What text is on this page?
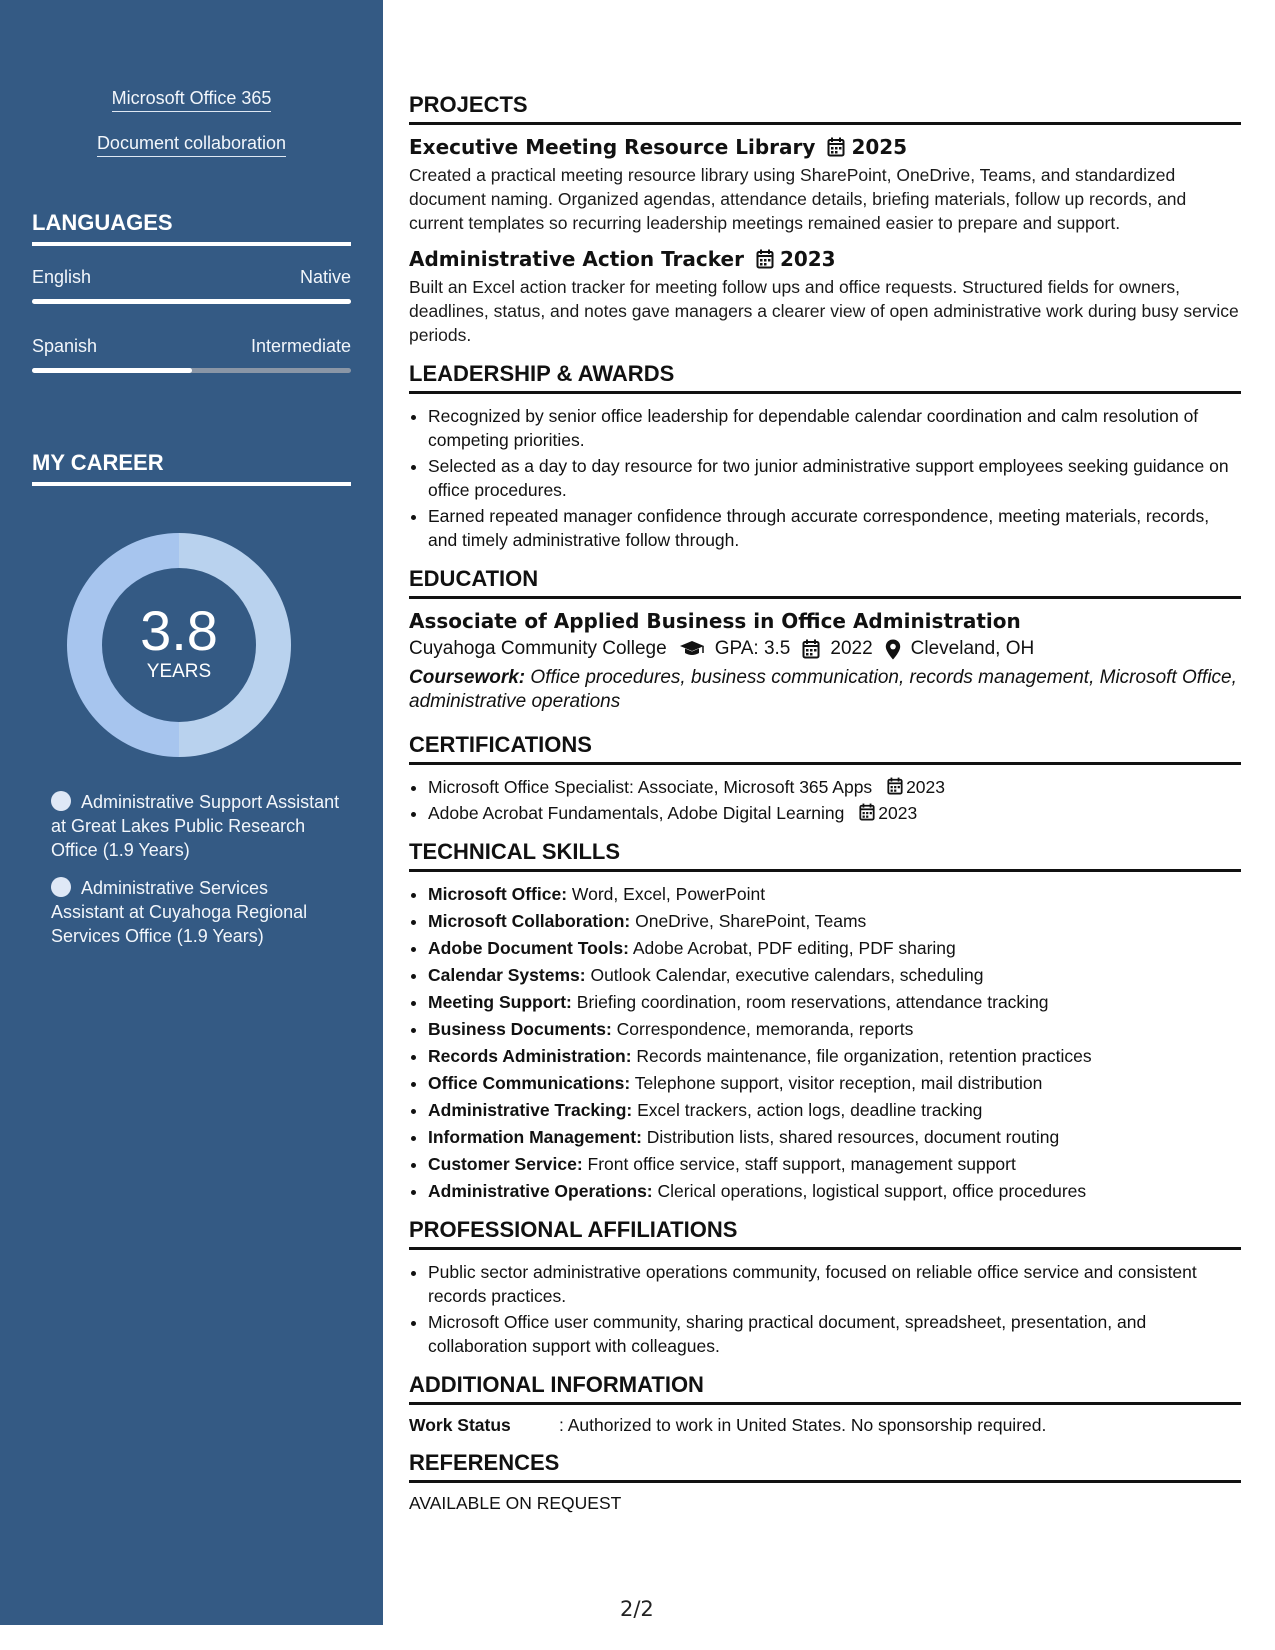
Microsoft Office 365
Document collaboration
LANGUAGES
English	Native
Spanish	Intermediate
MY CAREER
3.8
YEARS
Administrative Support Assistant at Great Lakes Public Research Office (1.9 Years)
Administrative Services Assistant at Cuyahoga Regional Services Office (1.9 Years)
PROJECTS
Executive Meeting Resource Library 2025
Created a practical meeting resource library using SharePoint, OneDrive, Teams, and standardized document naming. Organized agendas, attendance details, briefing materials, follow up records, and current templates so recurring leadership meetings remained easier to prepare and support.
Administrative Action Tracker 2023
Built an Excel action tracker for meeting follow ups and office requests. Structured fields for owners, deadlines, status, and notes gave managers a clearer view of open administrative work during busy service periods.
LEADERSHIP & AWARDS
• Recognized by senior office leadership for dependable calendar coordination and calm resolution of competing priorities.
• Selected as a day to day resource for two junior administrative support employees seeking guidance on office procedures.
• Earned repeated manager confidence through accurate correspondence, meeting materials, records, and timely administrative follow through.
EDUCATION
Associate of Applied Business in Office Administration
Cuyahoga Community College	GPA: 3.5 2022 Cleveland, OH
Coursework: Office procedures, business communication, records management, Microsoft Office, administrative operations
CERTIFICATIONS
• Microsoft Office Specialist: Associate, Microsoft 365 Apps 2023
• Adobe Acrobat Fundamentals, Adobe Digital Learning 2023
TECHNICAL SKILLS
• Microsoft Office: Word, Excel, PowerPoint
• Microsoft Collaboration: OneDrive, SharePoint, Teams
• Adobe Document Tools: Adobe Acrobat, PDF editing, PDF sharing
• Calendar Systems: Outlook Calendar, executive calendars, scheduling
• Meeting Support: Briefing coordination, room reservations, attendance tracking
• Business Documents: Correspondence, memoranda, reports
• Records Administration: Records maintenance, file organization, retention practices
• Office Communications: Telephone support, visitor reception, mail distribution
• Administrative Tracking: Excel trackers, action logs, deadline tracking
• Information Management: Distribution lists, shared resources, document routing
• Customer Service: Front office service, staff support, management support
• Administrative Operations: Clerical operations, logistical support, office procedures
PROFESSIONAL AFFILIATIONS
• Public sector administrative operations community, focused on reliable office service and consistent records practices.
• Microsoft Office user community, sharing practical document, spreadsheet, presentation, and collaboration support with colleagues.
ADDITIONAL INFORMATION
Work Status	: Authorized to work in United States. No sponsorship required.
REFERENCES
AVAILABLE ON REQUEST
2/2
